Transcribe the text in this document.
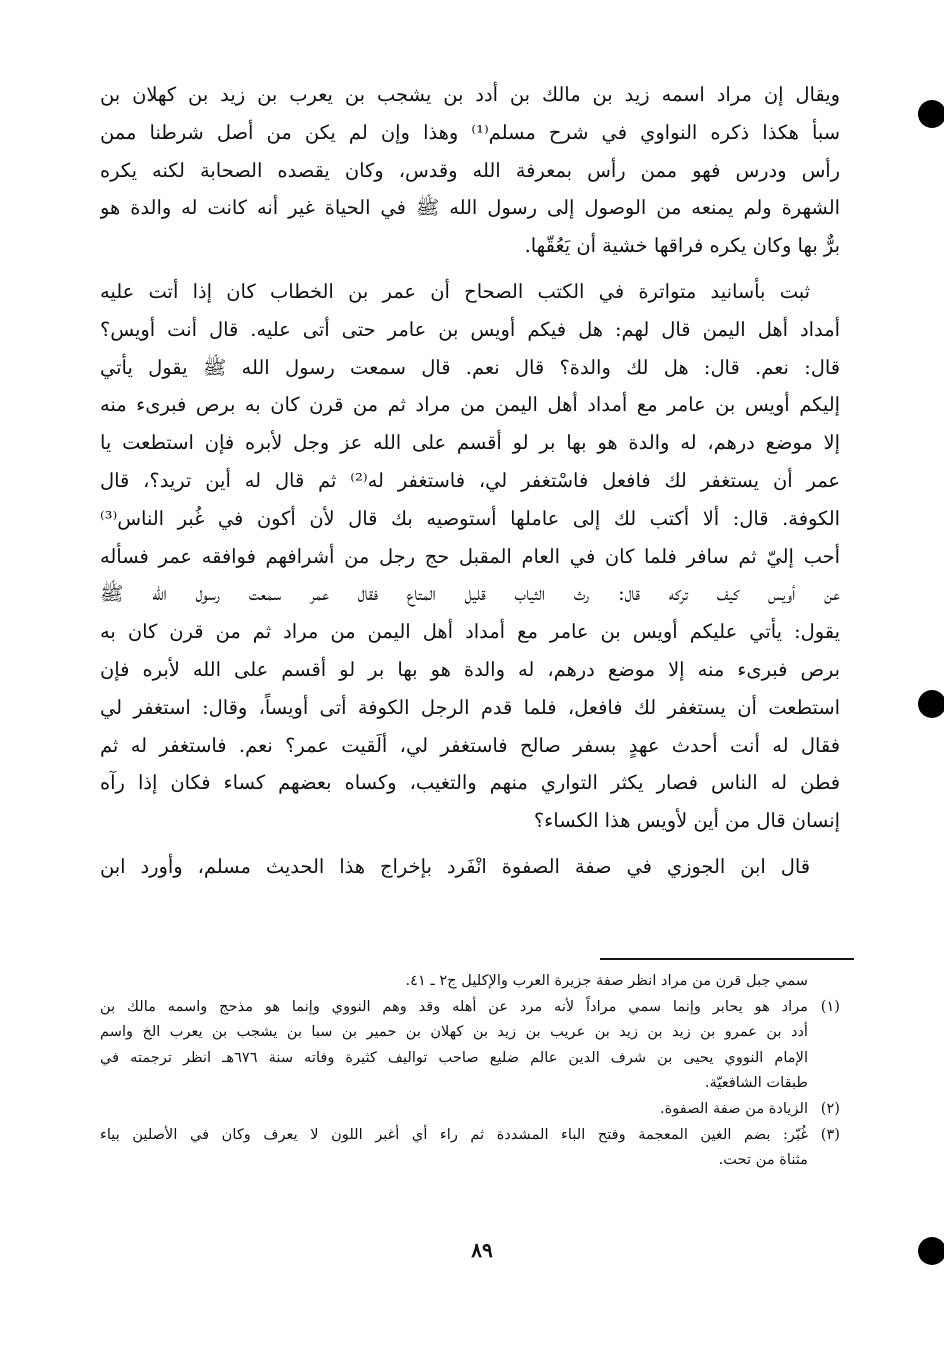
ويقال إن مراد اسمه زيد بن مالك بن أدد بن يشجب بن يعرب بن زيد بن كهلان بن
سبأ هكذا ذكره النواوي في شرح مسلم⁽¹⁾ وهذا وإن لم يكن من أصل شرطنا ممن
رأس ودرس فهو ممن رأس بمعرفة الله وقدس، وكان يقصده الصحابة لكنه يكره
الشهرة ولم يمنعه من الوصول إلى رسول الله ﷺ في الحياة غير أنه كانت له والدة هو
برٌّ بها وكان يكره فراقها خشية أن يَعُقّها.
ثبت بأسانيد متواترة في الكتب الصحاح أن عمر بن الخطاب كان إذا أتت عليه
أمداد أهل اليمن قال لهم: هل فيكم أويس بن عامر حتى أتى عليه. قال أنت أويس؟
قال: نعم. قال: هل لك والدة؟ قال نعم. قال سمعت رسول الله ﷺ يقول يأتي
إليكم أويس بن عامر مع أمداد أهل اليمن من مراد ثم من قرن كان به برص فبرىء منه
إلا موضع درهم، له والدة هو بها بر لو أقسم على الله عز وجل لأبره فإن استطعت يا
عمر أن يستغفر لك فافعل فاسْتغفر لي، فاستغفر له⁽²⁾ ثم قال له أين تريد؟، قال
الكوفة. قال: ألا أكتب لك إلى عاملها أستوصيه بك قال لأن أكون في غُبر الناس⁽³⁾
أحب إليّ ثم سافر فلما كان في العام المقبل حج رجل من أشرافهم فوافقه عمر فسأله
عن أويس كيف تركه قال: رث الثياب قليل المتاع فقال عمر سمعت رسول الله ﷺ
يقول: يأتي عليكم أويس بن عامر مع أمداد أهل اليمن من مراد ثم من قرن كان به
برص فبرىء منه إلا موضع درهم، له والدة هو بها بر لو أقسم على الله لأبره فإن
استطعت أن يستغفر لك فافعل، فلما قدم الرجل الكوفة أتى أويساً، وقال: استغفر لي
فقال له أنت أحدث عهدٍ بسفر صالح فاستغفر لي، ألَقيت عمر؟ نعم. فاستغفر له ثم
فطن له الناس فصار يكثر التواري منهم والتغيب، وكساه بعضهم كساء فكان إذا رآه
إنسان قال من أين لأويس هذا الكساء؟
قال ابن الجوزي في صفة الصفوة انْفَرد بإخراج هذا الحديث مسلم، وأورد ابن
سمي جبل قرن من مراد انظر صفة جزيرة العرب والإكليل ج٢ ـ ٤١.
(١)
مراد هو يحابر وإنما سمي مراداً لأنه مرد عن أهله وقد وهم النووي وإنما هو مذحج واسمه مالك بن
أدد بن عمرو بن زيد بن زيد بن عريب بن زيد بن كهلان بن حمير بن سبا بن يشجب بن يعرب الخ واسم
الإمام النووي يحيى بن شرف الدين عالم ضليع صاحب تواليف كثيرة وفاته سنة ٦٧٦هـ انظر ترجمته في
طبقات الشافعيّة.
(٢)
الزيادة من صفة الصفوة.
(٣)
غُبّر: بضم الغين المعجمة وفتح الباء المشددة ثم راء أي أغبر اللون لا يعرف وكان في الأصلين بياء
مثناة من تحت.
٨٩
